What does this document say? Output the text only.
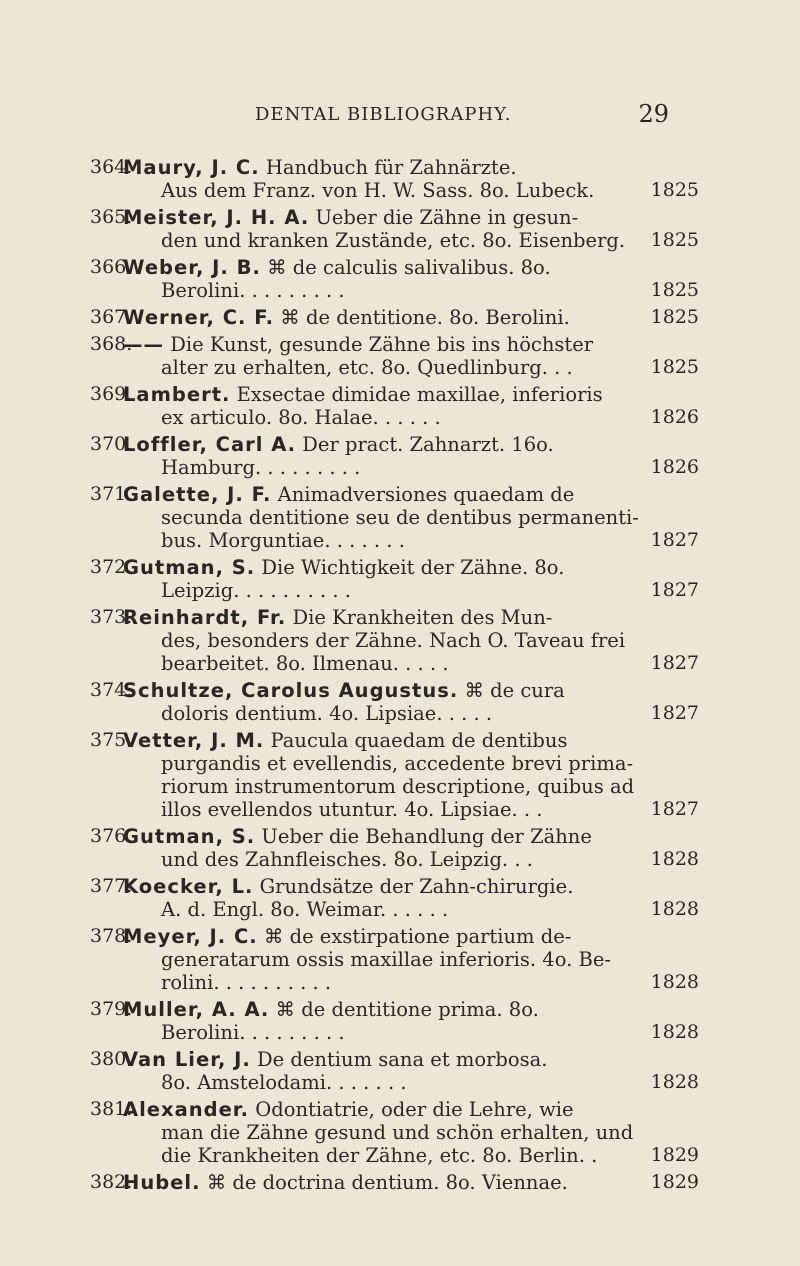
DENTAL BIBLIOGRAPHY.	29
364.
Maury, J. C. Handbuch für Zahnärzte.
Aus dem Franz. von H. W. Sass. 8o. Lubeck.	1825
365.
Meister, J. H. A. Ueber die Zähne in gesun-
den und kranken Zustände, etc. 8o. Eisenberg. 1825
366.
Weber, J. B. ⌘ de calculis salivalibus. 8o.
Berolini. . . . . . . . .	1825
367.
Werner, C. F. ⌘ de dentitione. 8o. Berolini.	1825
368.
—— Die Kunst, gesunde Zähne bis ins höchster
alter zu erhalten, etc. 8o. Quedlinburg. . .	1825
369.
Lambert. Exsectae dimidae maxillae, inferioris
ex articulo. 8o. Halae. . . . . .	1826
370.
Loffler, Carl A. Der pract. Zahnarzt. 16o.
Hamburg. . . . . . . . .	1826
371.
Galette, J. F. Animadversiones quaedam de
secunda dentitione seu de dentibus permanenti-
bus. Morguntiae. . . . . . .	1827
372.
Gutman, S. Die Wichtigkeit der Zähne. 8o.
Leipzig. . . . . . . . . .	1827
373.
Reinhardt, Fr. Die Krankheiten des Mun-
des, besonders der Zähne. Nach O. Taveau frei
bearbeitet. 8o. Ilmenau. . . . .	1827
374.
Schultze, Carolus Augustus. ⌘ de cura
doloris dentium. 4o. Lipsiae. . . . .	1827
375.
Vetter, J. M. Paucula quaedam de dentibus
purgandis et evellendis, accedente brevi prima-
riorum instrumentorum descriptione, quibus ad
illos evellendos utuntur. 4o. Lipsiae. . .	1827
376.
Gutman, S. Ueber die Behandlung der Zähne
und des Zahnfleisches. 8o. Leipzig. . .	1828
377.
Koecker, L. Grundsätze der Zahn-chirurgie.
A. d. Engl. 8o. Weimar. . . . . .	1828
378.
Meyer, J. C. ⌘ de exstirpatione partium de-
generatarum ossis maxillae inferioris. 4o. Be-
rolini. . . . . . . . . .	1828
379.
Muller, A. A. ⌘ de dentitione prima. 8o.
Berolini. . . . . . . . .	1828
380.
Van Lier, J. De dentium sana et morbosa.
8o. Amstelodami. . . . . . .	1828
381.
Alexander. Odontiatrie, oder die Lehre, wie
man die Zähne gesund und schön erhalten, und
die Krankheiten der Zähne, etc. 8o. Berlin. .	1829
382.
Hubel. ⌘ de doctrina dentium. 8o. Viennae.	1829
